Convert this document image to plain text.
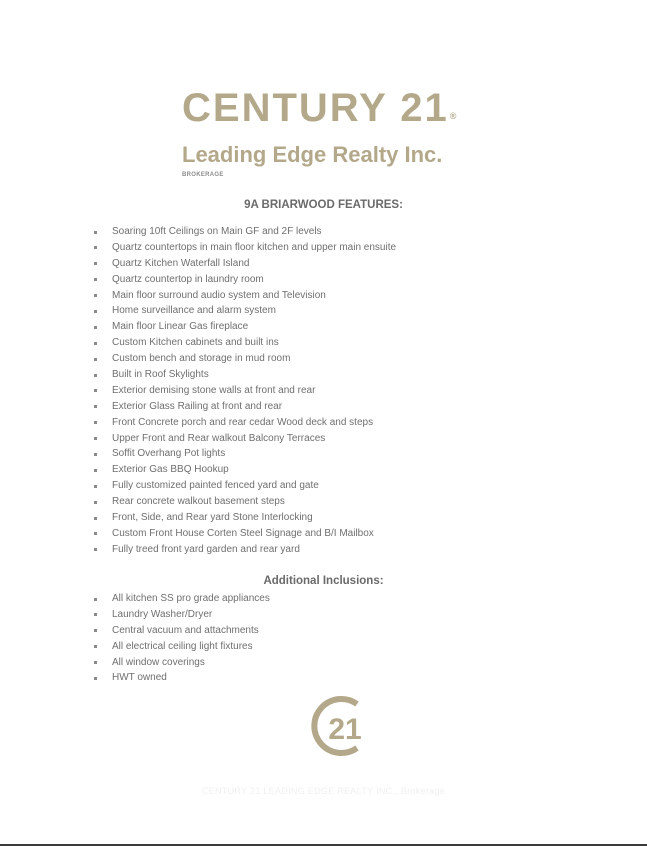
CENTURY 21®
Leading Edge Realty Inc.
BROKERAGE
9A BRIARWOOD FEATURES:
Soaring 10ft Ceilings on Main GF and 2F levels
Quartz countertops in main floor kitchen and upper main ensuite
Quartz Kitchen Waterfall Island
Quartz countertop in laundry room
Main floor surround audio system and Television
Home surveillance and alarm system
Main floor Linear Gas fireplace
Custom Kitchen cabinets and built ins
Custom bench and storage in mud room
Built in Roof Skylights
Exterior demising stone walls at front and rear
Exterior Glass Railing at front and rear
Front Concrete porch and rear cedar Wood deck and steps
Upper Front and Rear walkout Balcony Terraces
Soffit Overhang Pot lights
Exterior Gas BBQ Hookup
Fully customized painted fenced yard and gate
Rear concrete walkout basement steps
Front, Side, and Rear yard Stone Interlocking
Custom Front House Corten Steel Signage and B/I Mailbox
Fully treed front yard garden and rear yard
Additional Inclusions:
All kitchen SS pro grade appliances
Laundry Washer/Dryer
Central vacuum and attachments
All electrical ceiling light fixtures
All window coverings
HWT owned
21
CENTURY 21 LEADING EDGE REALTY INC., Brokerage
